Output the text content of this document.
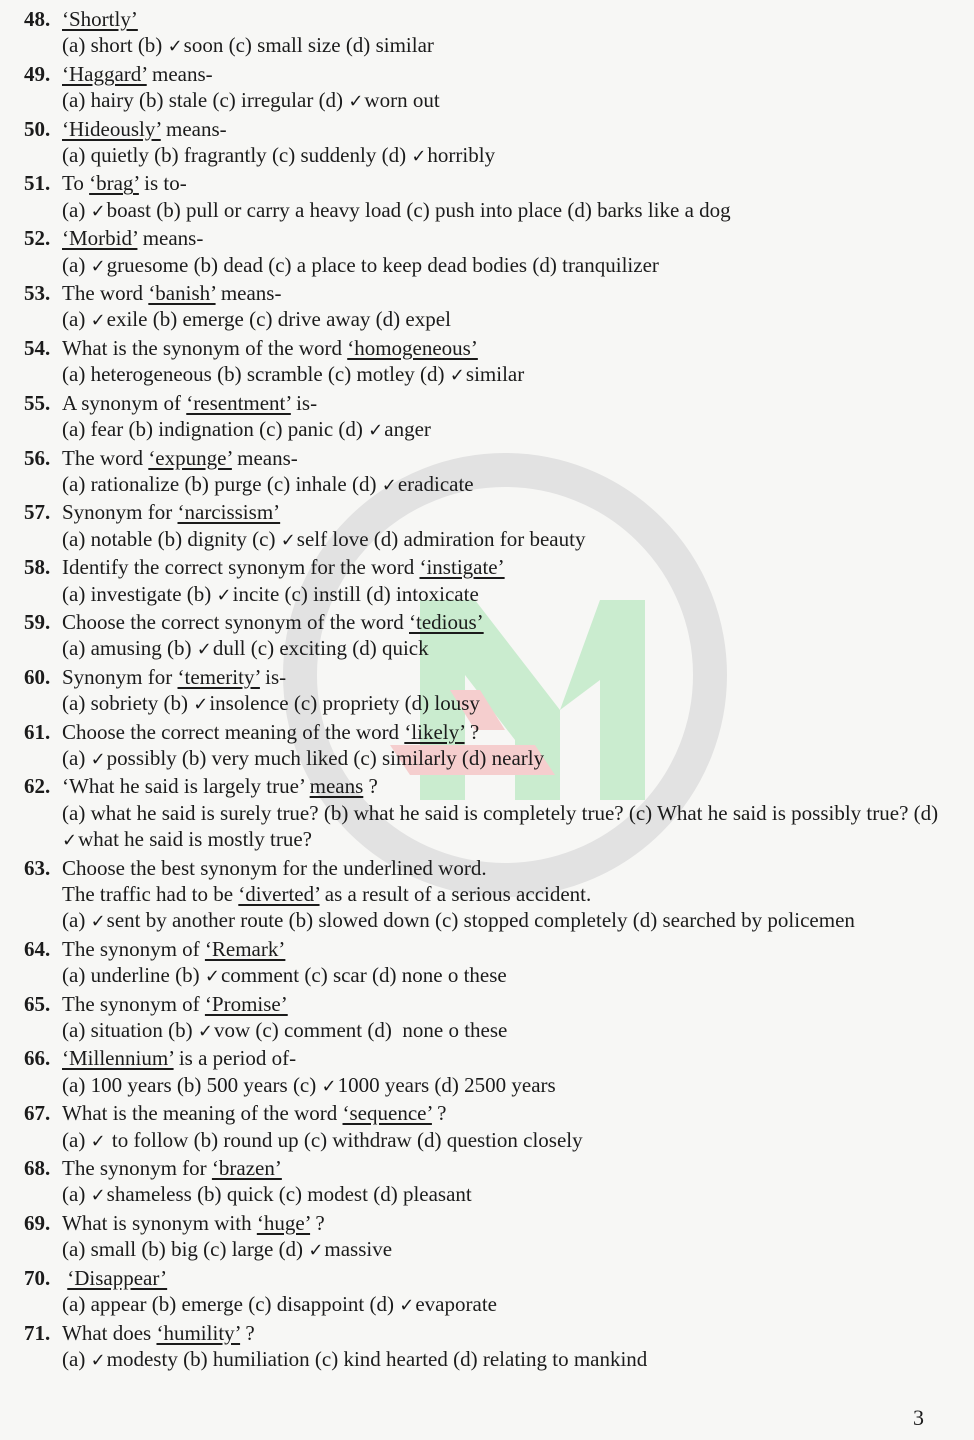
48. ‘Shortly’
(a) short (b) ✓soon (c) small size (d) similar
49. ‘Haggard’ means-
(a) hairy (b) stale (c) irregular (d) ✓worn out
50. ‘Hideously’ means-
(a) quietly (b) fragrantly (c) suddenly (d) ✓horribly
51. To ‘brag’ is to-
(a) ✓boast (b) pull or carry a heavy load (c) push into place (d) barks like a dog
52. ‘Morbid’ means-
(a) ✓gruesome (b) dead (c) a place to keep dead bodies (d) tranquilizer
53. The word ‘banish’ means-
(a) ✓exile (b) emerge (c) drive away (d) expel
54. What is the synonym of the word ‘homogeneous’
(a) heterogeneous (b) scramble (c) motley (d) ✓similar
55. A synonym of ‘resentment’ is-
(a) fear (b) indignation (c) panic (d) ✓anger
56. The word ‘expunge’ means-
(a) rationalize (b) purge (c) inhale (d) ✓eradicate
57. Synonym for ‘narcissism’
(a) notable (b) dignity (c) ✓self love (d) admiration for beauty
58. Identify the correct synonym for the word ‘instigate’
(a) investigate (b) ✓incite (c) instill (d) intoxicate
59. Choose the correct synonym of the word ‘tedious’
(a) amusing (b) ✓dull (c) exciting (d) quick
60. Synonym for ‘temerity’ is-
(a) sobriety (b) ✓insolence (c) propriety (d) lousy
61. Choose the correct meaning of the word ‘likely’ ?
(a) ✓possibly (b) very much liked (c) similarly (d) nearly
62. ‘What he said is largely true’ means ?
(a) what he said is surely true? (b) what he said is completely true? (c) What he said is possibly true? (d) ✓what he said is mostly true?
63. Choose the best synonym for the underlined word.
The traffic had to be ‘diverted’ as a result of a serious accident.
(a) ✓sent by another route (b) slowed down (c) stopped completely (d) searched by policemen
64. The synonym of ‘Remark’
(a) underline (b) ✓comment (c) scar (d) none o these
65. The synonym of ‘Promise’
(a) situation (b) ✓vow (c) comment (d)  none o these
66. ‘Millennium’ is a period of-
(a) 100 years (b) 500 years (c) ✓1000 years (d) 2500 years
67. What is the meaning of the word ‘sequence’ ?
(a) ✓ to follow (b) round up (c) withdraw (d) question closely
68. The synonym for ‘brazen’
(a) ✓shameless (b) quick (c) modest (d) pleasant
69. What is synonym with ‘huge’ ?
(a) small (b) big (c) large (d) ✓massive
70. ‘Disappear’
(a) appear (b) emerge (c) disappoint (d) ✓evaporate
71. What does ‘humility’ ?
(a) ✓modesty (b) humiliation (c) kind hearted (d) relating to mankind
3
